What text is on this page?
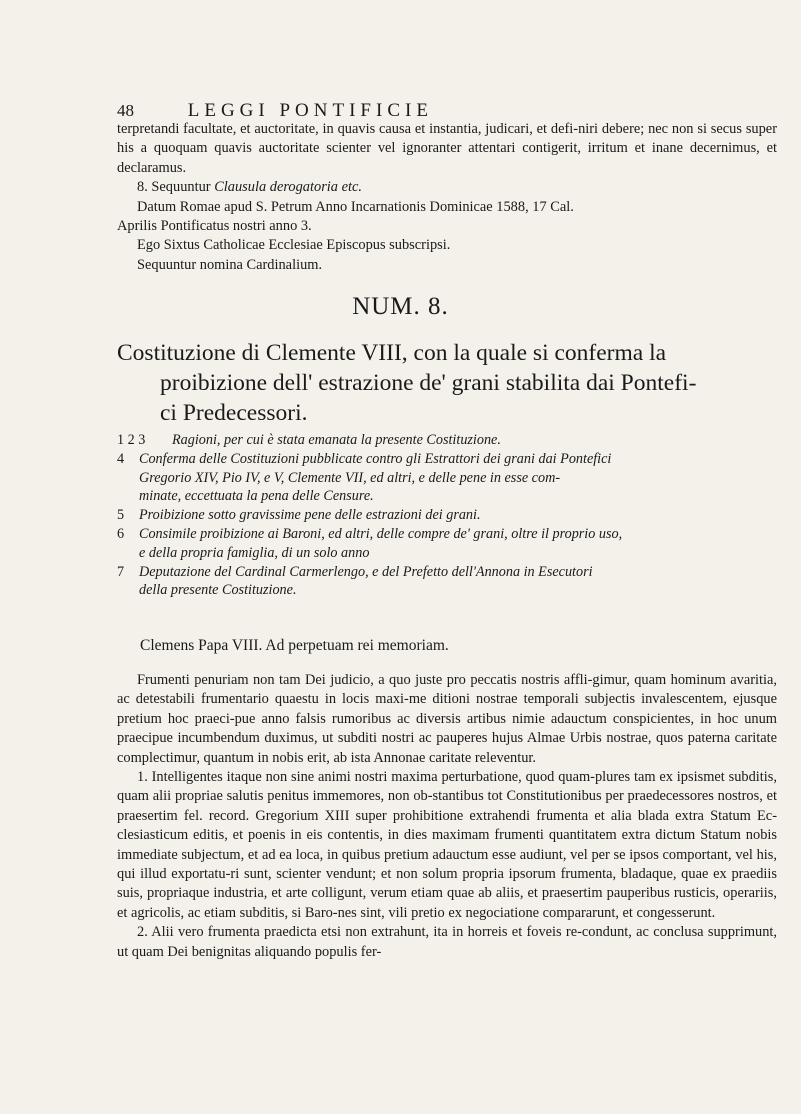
48	LEGGI PONTIFICIE

terpretandi facultate, et auctoritate, in quavis causa et instantia, judicari, et defi-niri debere; nec non si secus super his a quoquam quavis auctoritate scienter vel ignoranter attentari contigerit, irritum et inane decernimus, et declaramus.

8. Sequuntur Clausula derogatoria etc.
Datum Romae apud S. Petrum Anno Incarnationis Dominicae 1588, 17 Cal.
Aprilis Pontificatus nostri anno 3.
Ego Sixtus Catholicae Ecclesiae Episcopus subscripsi.
Sequuntur nomina Cardinalium.
NUM. 8.
Costituzione di Clemente VIII, con la quale si conferma la
proibizione dell' estrazione de' grani stabilita dai Pontefi-
ci Predecessori.
1 2 3 Ragioni, per cui è stata emanata la presente Costituzione.
4 Conferma delle Costituzioni pubblicate contro gli Estrattori dei grani dai Pontefici
Gregorio XIV, Pio IV, e V, Clemente VII, ed altri, e delle pene in esse com-
minate, eccettuata la pena delle Censure.
5 Proibizione sotto gravissime pene delle estrazioni dei grani.
6 Consimile proibizione ai Baroni, ed altri, delle compre de' grani, oltre il proprio uso,
e della propria famiglia, di un solo anno
7 Deputazione del Cardinal Carmerlengo, e del Prefetto dell'Annona in Esecutori
della presente Costituzione.
Clemens Papa VIII. Ad perpetuam rei memoriam.

Frumenti penuriam non tam Dei judicio, a quo juste pro peccatis nostris affli-gimur, quam hominum avaritia, ac detestabili frumentario quaestu in locis maxi-me ditioni nostrae temporali subjectis invalescentem, ejusque pretium hoc praeci-pue anno falsis rumoribus ac diversis artibus nimie adauctum conspicientes, in hoc unum praecipue incumbendum duximus, ut subditi nostri ac pauperes hujus Almae Urbis nostrae, quos paterna caritate complectimur, quantum in nobis erit, ab ista Annonae caritate releventur.

1. Intelligentes itaque non sine animi nostri maxima perturbatione, quod quam-plures tam ex ipsismet subditis, quam alii propriae salutis penitus immemores, non ob-stantibus tot Constitutionibus per praedecessores nostros, et praesertim fel. record. Gregorium XIII super prohibitione extrahendi frumenta et alia blada extra Statum Ec-clesiasticum editis, et poenis in eis contentis, in dies maximam frumenti quantitatem extra dictum Statum nobis immediate subjectum, et ad ea loca, in quibus pretium adauctum esse audiunt, vel per se ipsos comportant, vel his, qui illud exportatu-ri sunt, scienter vendunt; et non solum propria ipsorum frumenta, bladaque, quae ex praediis suis, propriaque industria, et arte colligunt, verum etiam quae ab aliis, et praesertim pauperibus rusticis, operariis, et agricolis, ac etiam subditis, si Baro-nes sint, vili pretio ex negociatione compararunt, et congesserunt.

2. Alii vero frumenta praedicta etsi non extrahunt, ita in horreis et foveis re-condunt, ac conclusa supprimunt, ut quam Dei benignitas aliquando populis fer-
